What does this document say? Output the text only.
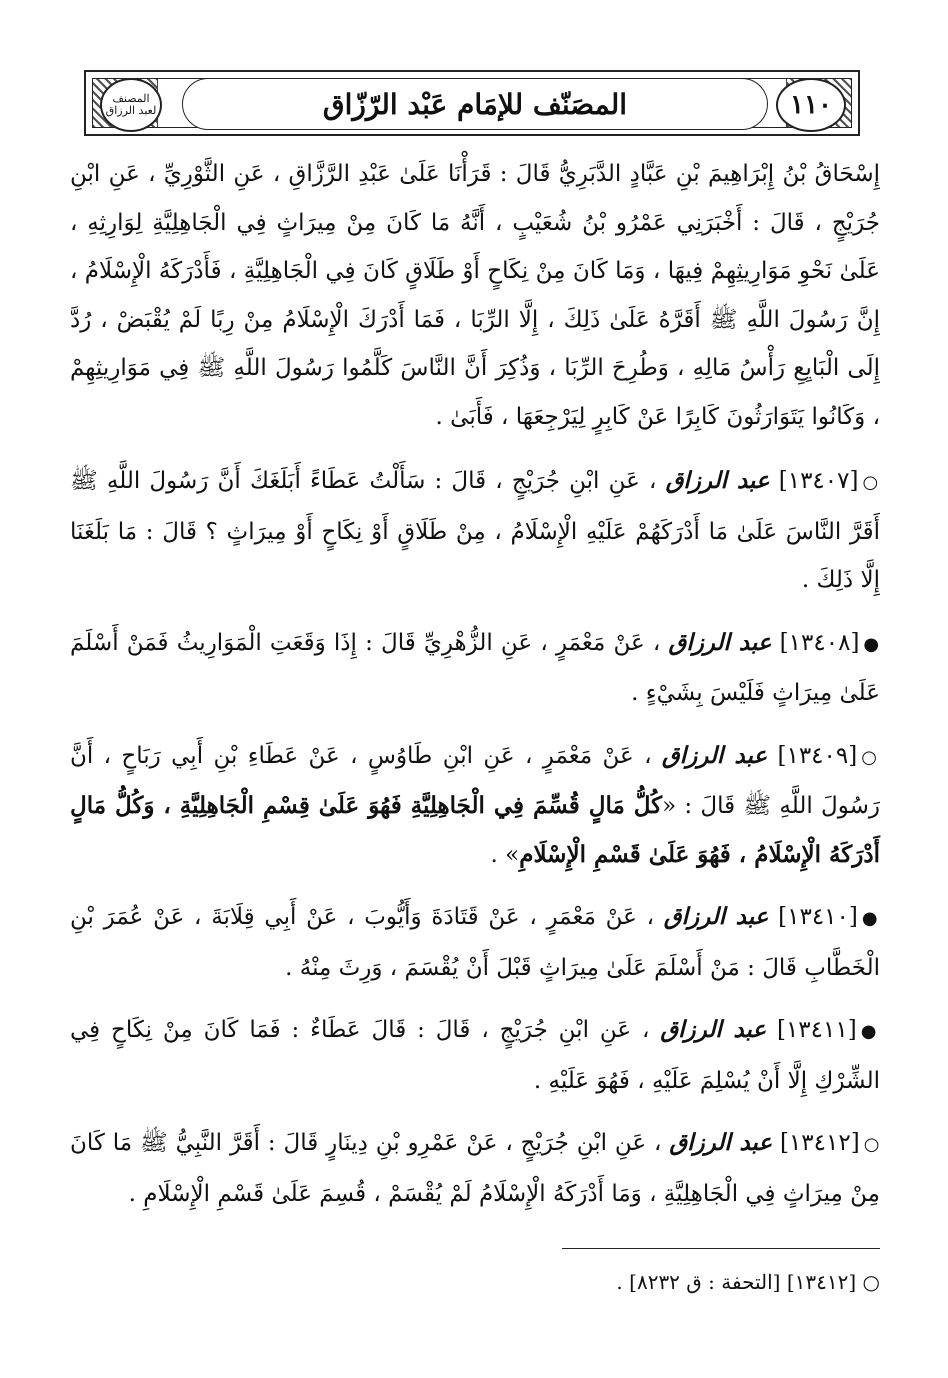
المصنف لعبد الرزاق	المصَنّف للإمَام عَبْد الرّزّاق	١١٠

إِسْحَاقُ بْنُ إِبْرَاهِيمَ بْنِ عَبَّادٍ الدَّبَرِيُّ قَالَ : قَرَأْنَا عَلَىٰ عَبْدِ الرَّزَّاقِ ، عَنِ الثَّوْرِيِّ ، عَنِ ابْنِ جُرَيْجٍ ، قَالَ : أَخْبَرَنِي عَمْرُو بْنُ شُعَيْبٍ ، أَنَّهُ مَا كَانَ مِنْ مِيرَاثٍ فِي الْجَاهِلِيَّةِ لِوَارِثِهِ ، عَلَىٰ نَحْوِ مَوَارِيثِهِمْ فِيهَا ، وَمَا كَانَ مِنْ نِكَاحٍ أَوْ طَلَاقٍ كَانَ فِي الْجَاهِلِيَّةِ ، فَأَدْرَكَهُ الْإِسْلَامُ ، إِنَّ رَسُولَ اللَّهِ ﷺ أَقَرَّهُ عَلَىٰ ذَلِكَ ، إِلَّا الرِّبَا ، فَمَا أَدْرَكَ الْإِسْلَامُ مِنْ رِبًا لَمْ يُقْبَضْ ، رُدَّ إِلَى الْبَايِعِ رَأْسُ مَالِهِ ، وَطُرِحَ الرِّبَا ، وَذُكِرَ أَنَّ النَّاسَ كَلَّمُوا رَسُولَ اللَّهِ ﷺ فِي مَوَارِيثِهِمْ ، وَكَانُوا يَتَوَارَثُونَ كَابِرًا عَنْ كَابِرٍ لِيَرْجِعَهَا ، فَأَبَىٰ .

○[١٣٤٠٧] عبد الرزاق ، عَنِ ابْنِ جُرَيْجٍ ، قَالَ : سَأَلْتُ عَطَاءً أَبَلَغَكَ أَنَّ رَسُولَ اللَّهِ ﷺ أَقَرَّ النَّاسَ عَلَىٰ مَا أَدْرَكَهُمْ عَلَيْهِ الْإِسْلَامُ ، مِنْ طَلَاقٍ أَوْ نِكَاحٍ أَوْ مِيرَاثٍ ؟ قَالَ : مَا بَلَغَنَا إِلَّا ذَلِكَ .

●[١٣٤٠٨] عبد الرزاق ، عَنْ مَعْمَرٍ ، عَنِ الزُّهْرِيِّ قَالَ : إِذَا وَقَعَتِ الْمَوَارِيثُ فَمَنْ أَسْلَمَ عَلَىٰ مِيرَاثٍ فَلَيْسَ بِشَيْءٍ .

○[١٣٤٠٩] عبد الرزاق ، عَنْ مَعْمَرٍ ، عَنِ ابْنِ طَاوُسٍ ، عَنْ عَطَاءِ بْنِ أَبِي رَبَاحٍ ، أَنَّ رَسُولَ اللَّهِ ﷺ قَالَ : «كُلُّ مَالٍ قُسِّمَ فِي الْجَاهِلِيَّةِ فَهُوَ عَلَىٰ قِسْمِ الْجَاهِلِيَّةِ ، وَكُلُّ مَالٍ أَدْرَكَهُ الْإِسْلَامُ ، فَهُوَ عَلَىٰ قَسْمِ الْإِسْلَامِ» .

●[١٣٤١٠] عبد الرزاق ، عَنْ مَعْمَرٍ ، عَنْ قَتَادَةَ وَأَيُّوبَ ، عَنْ أَبِي قِلَابَةَ ، عَنْ عُمَرَ بْنِ الْخَطَّابِ قَالَ : مَنْ أَسْلَمَ عَلَىٰ مِيرَاثٍ قَبْلَ أَنْ يُقْسَمَ ، وَرِثَ مِنْهُ .

●[١٣٤١١] عبد الرزاق ، عَنِ ابْنِ جُرَيْجٍ ، قَالَ : قَالَ عَطَاءٌ : فَمَا كَانَ مِنْ نِكَاحٍ فِي الشِّرْكِ إِلَّا أَنْ يُسْلِمَ عَلَيْهِ ، فَهُوَ عَلَيْهِ .

○[١٣٤١٢] عبد الرزاق ، عَنِ ابْنِ جُرَيْجٍ ، عَنْ عَمْرِو بْنِ دِينَارٍ قَالَ : أَقَرَّ النَّبِيُّ ﷺ مَا كَانَ مِنْ مِيرَاثٍ فِي الْجَاهِلِيَّةِ ، وَمَا أَدْرَكَهُ الْإِسْلَامُ لَمْ يُقْسَمْ ، قُسِمَ عَلَىٰ قَسْمِ الْإِسْلَامِ .

○ [١٣٤١٢] [التحفة : ق ٨٢٣٢] .
